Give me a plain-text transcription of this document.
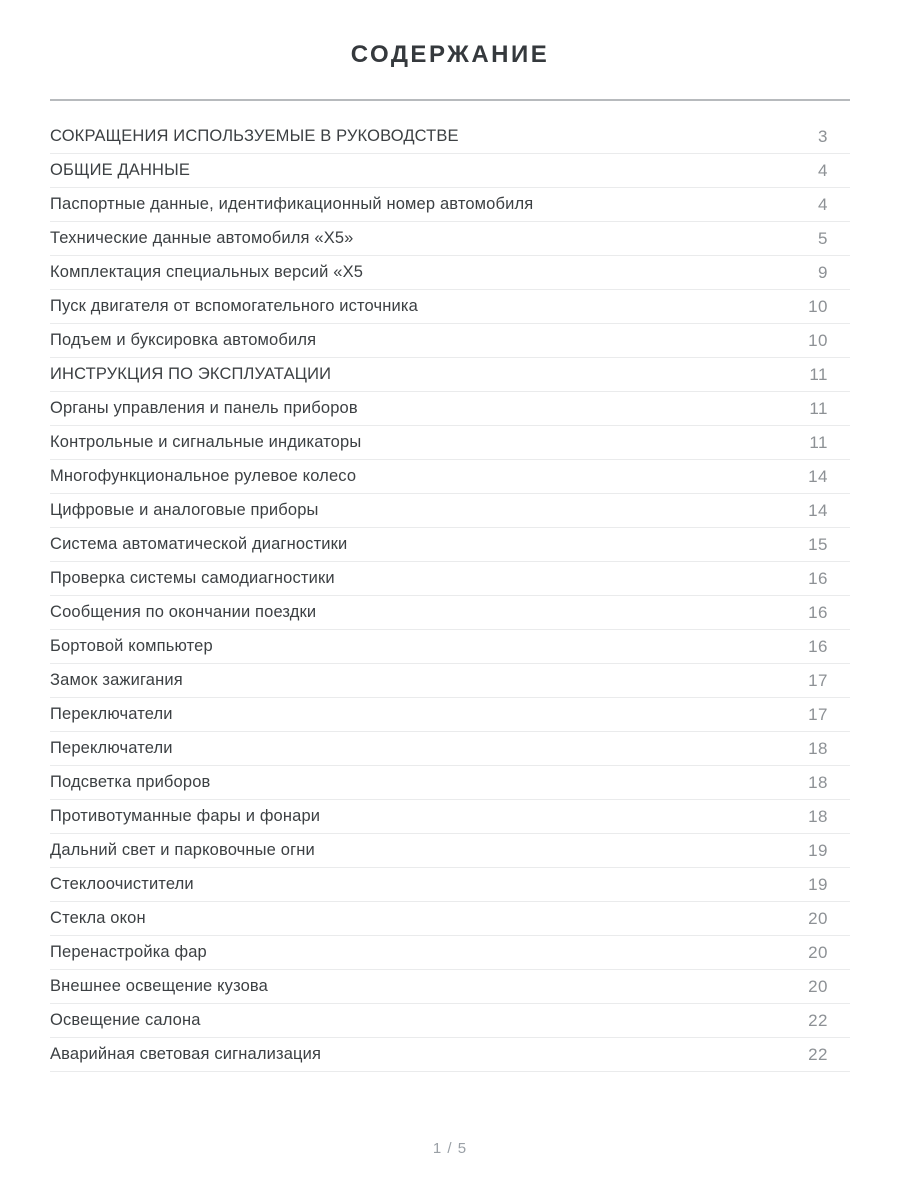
СОДЕРЖАНИЕ
СОКРАЩЕНИЯ ИСПОЛЬЗУЕМЫЕ В РУКОВОДСТВЕ	3
ОБЩИЕ ДАННЫЕ	4
Паспортные данные, идентификационный номер автомобиля	4
Технические данные автомобиля «Х5»	5
Комплектация специальных версий «Х5	9
Пуск двигателя от вспомогательного источника	10
Подъем и буксировка автомобиля	10
ИНСТРУКЦИЯ ПО ЭКСПЛУАТАЦИИ	11
Органы управления и панель приборов	11
Контрольные и сигнальные индикаторы	11
Многофункциональное рулевое колесо	14
Цифровые и аналоговые приборы	14
Система автоматической диагностики	15
Проверка системы самодиагностики	16
Сообщения по окончании поездки	16
Бортовой компьютер	16
Замок зажигания	17
Переключатели	17
Переключатели	18
Подсветка приборов	18
Противотуманные фары и фонари	18
Дальний свет и парковочные огни	19
Стеклоочистители	19
Стекла окон	20
Перенастройка фар	20
Внешнее освещение кузова	20
Освещение салона	22
Аварийная световая сигнализация	22
1 / 5
